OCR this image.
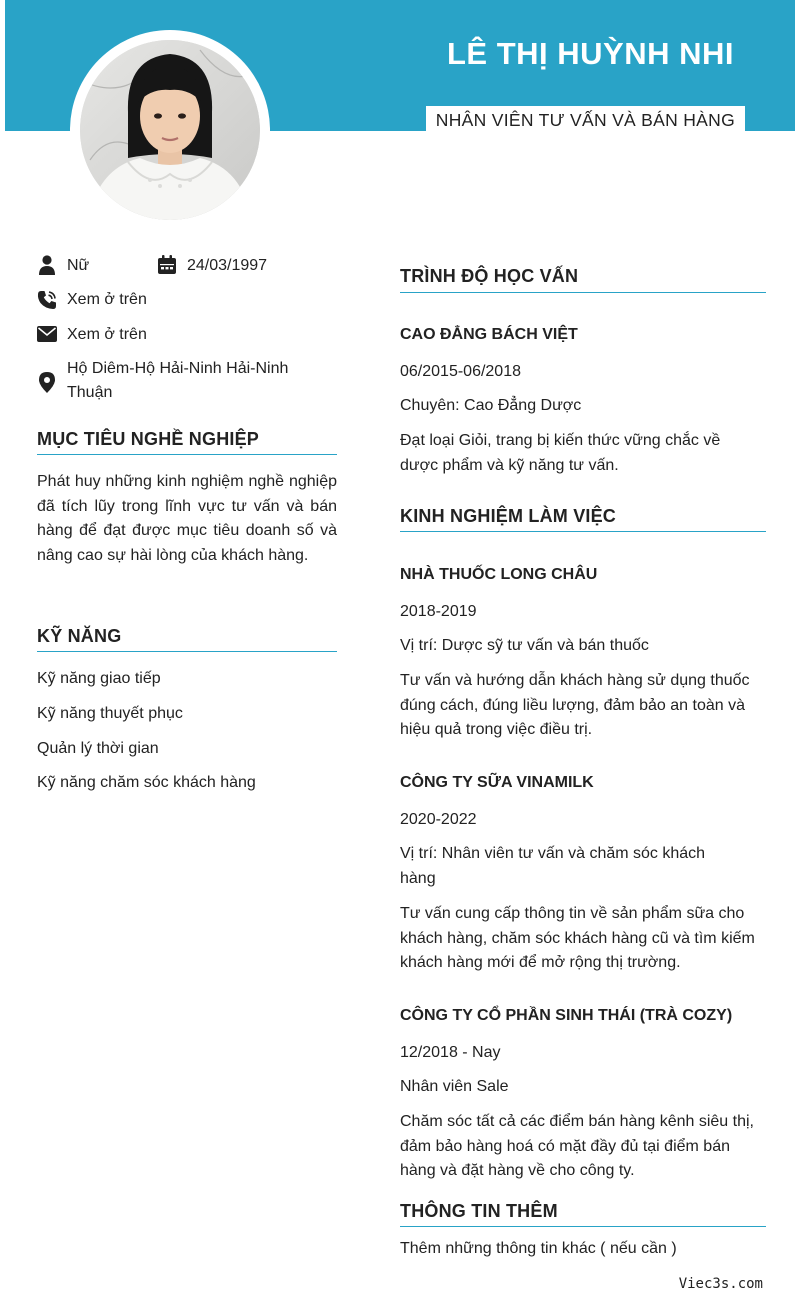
LÊ THỊ HUỲNH NHI
NHÂN VIÊN TƯ VẤN VÀ BÁN HÀNG
Nữ	24/03/1997
Xem ở trên
Xem ở trên
Hộ Diêm-Hộ Hải-Ninh Hải-Ninh Thuận
MỤC TIÊU NGHỀ NGHIỆP
Phát huy những kinh nghiệm nghề nghiệp đã tích lũy trong lĩnh vực tư vấn và bán hàng để đạt được mục tiêu doanh số và nâng cao sự hài lòng của khách hàng.
KỸ NĂNG
Kỹ năng giao tiếp
Kỹ năng thuyết phục
Quản lý thời gian
Kỹ năng chăm sóc khách hàng
TRÌNH ĐỘ HỌC VẤN
CAO ĐẲNG BÁCH VIỆT
06/2015-06/2018
Chuyên: Cao Đẳng Dược
Đạt loại Giỏi, trang bị kiến thức vững chắc về dược phẩm và kỹ năng tư vấn.
KINH NGHIỆM LÀM VIỆC
NHÀ THUỐC LONG CHÂU
2018-2019
Vị trí: Dược sỹ tư vấn và bán thuốc
Tư vấn và hướng dẫn khách hàng sử dụng thuốc đúng cách, đúng liều lượng, đảm bảo an toàn và hiệu quả trong việc điều trị.
CÔNG TY SỮA VINAMILK
2020-2022
Vị trí: Nhân viên tư vấn và chăm sóc khách hàng
Tư vấn cung cấp thông tin về sản phẩm sữa cho khách hàng, chăm sóc khách hàng cũ và tìm kiếm khách hàng mới để mở rộng thị trường.
CÔNG TY CỔ PHẦN SINH THÁI (TRÀ COZY)
12/2018 - Nay
Nhân viên Sale
Chăm sóc tất cả các điểm bán hàng kênh siêu thị, đảm bảo hàng hoá có mặt đầy đủ tại điểm bán hàng và đặt hàng về cho công ty.
THÔNG TIN THÊM
Thêm những thông tin khác ( nếu cần )
Viec3s.com
